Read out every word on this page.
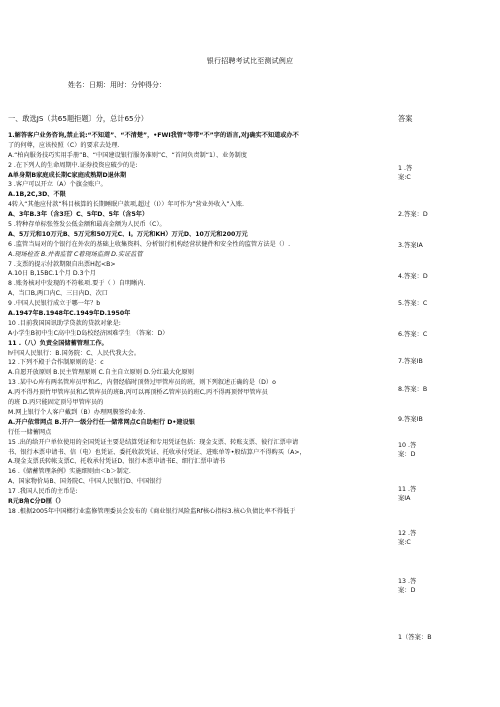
银行招聘考试比至测试例应
姓名：日期：用时：分钟得分：
一、敢选JS（共65题拒题〕分，总计65分）
1.解答客户业务咨询,禁止说:“不知道”、“不清楚”，•FWI我管”等带“不”字的语言,对J确实不知道或办不
了的何尊，应该按照（C）的要求去处理.
A.“柏向服务技巧实用手册”B、“中国建设银行服务准则”C、“首问负责制“1）、业务制度
2 .在下列人的生命周期中.证券投资应破少的是:
A单身期B家庭成长期C家庭成熟期D退休期
3 .客户可以开立（A）个旗金账户。
A.1B,2C,3D、不限
4转入“其他应付款“科目核算的长期睡眠户款项,超过（I））年可作为”营业外收入”入账.
A、3年B.3年（含3玨）C、5年D、5年（含5年）
5 .特种存单标张签发公低金额和最高金额为人民币（C）。
A、5万元和10万元B、5万元和50万元C、I。万元和KH）万元D、10万元和200万元
6 .监管当局对的个银行在外农的基础上收集资料、分析银行机构经营状健件和安全性的监管方法是（）.
A.现场检查 B.并表监管 C着现场监测 D.实证监管
7 .支票的提示付款期限自出票H起<B>
A.10日 B,15BC.1个月 D.3个月
8 .账务核对中发现的不符帐项.要于（ ）自明晰内.
A、当口B,两口内C、三日内D、次口
9 .中国人民银行成立于哪一年？b
A.1947年B.1948年C.1949年D.1950年
10 .目前我国国讯助学贷款的贷款对象是:
A小学生B初中生C高中生D岛校经济困难学生 （答案：D）
11 .（八）负责全国储蓄管理工作。
h中国人民银行：B.国务院：C、人民代我大会。
12 .下列不殿于合作制原则的是：c
A.自愿开放原则 B.民主管理原则 C.自主自立原则 D.分红最大化原则
13 .某中心库有两名管库员甲和乙，内督经临时顶替过甲管库员的班，则下列叙述正确的是（D）o
A.丙不得丹顶竹甲管库员和乙管库员的班B,丙可以再顶桥乙管库员的班C,丙不得再顶替甲管库员
的班 D.丙只能固定顶号甲管库员的
M.网上银行个人客户戴到（B）办理网膜签约业务.
A.开户依常网点 B.开户一级分行任一储常网点C自助柜行 D•建设银
行任一储蓄网点
15 .出的给开户单位使用的全国凭证主要是结算凭证和专用凭证包括：现金支票、转账支票、彼行汇票申请
书、银行本票申请书、信（电）也凭证、委托收款凭证、托收承付凭证、进账单等•般结算户不得购买（A>，
A.现金支票氏转帐支票C、托收承付凭证D、银行本票申请书E、细行汇票申请书
16 .《储蓄管理条例》实施细则由＜b＞制定.
A、国家物价局B、国务院C、中国人民银行D、中国银行
17 .我国人民币的主币是:
R元B角C分D厘（）
18 .根据2005年中国榔行业监修管理委员会发布的《商业银行风险监Rf核心指标3.核心负债比率不得低于
答案
1 .答
案:C
2.答案：D
3.答案IA
4.答案：D
5.答案：C
6.答案：C
7.答案IB
8.答案：B
9.答案IB
10 .答
案：D
11 .答
案IA
12 .答
案:C
13 .答
案：D
1（答案：B
